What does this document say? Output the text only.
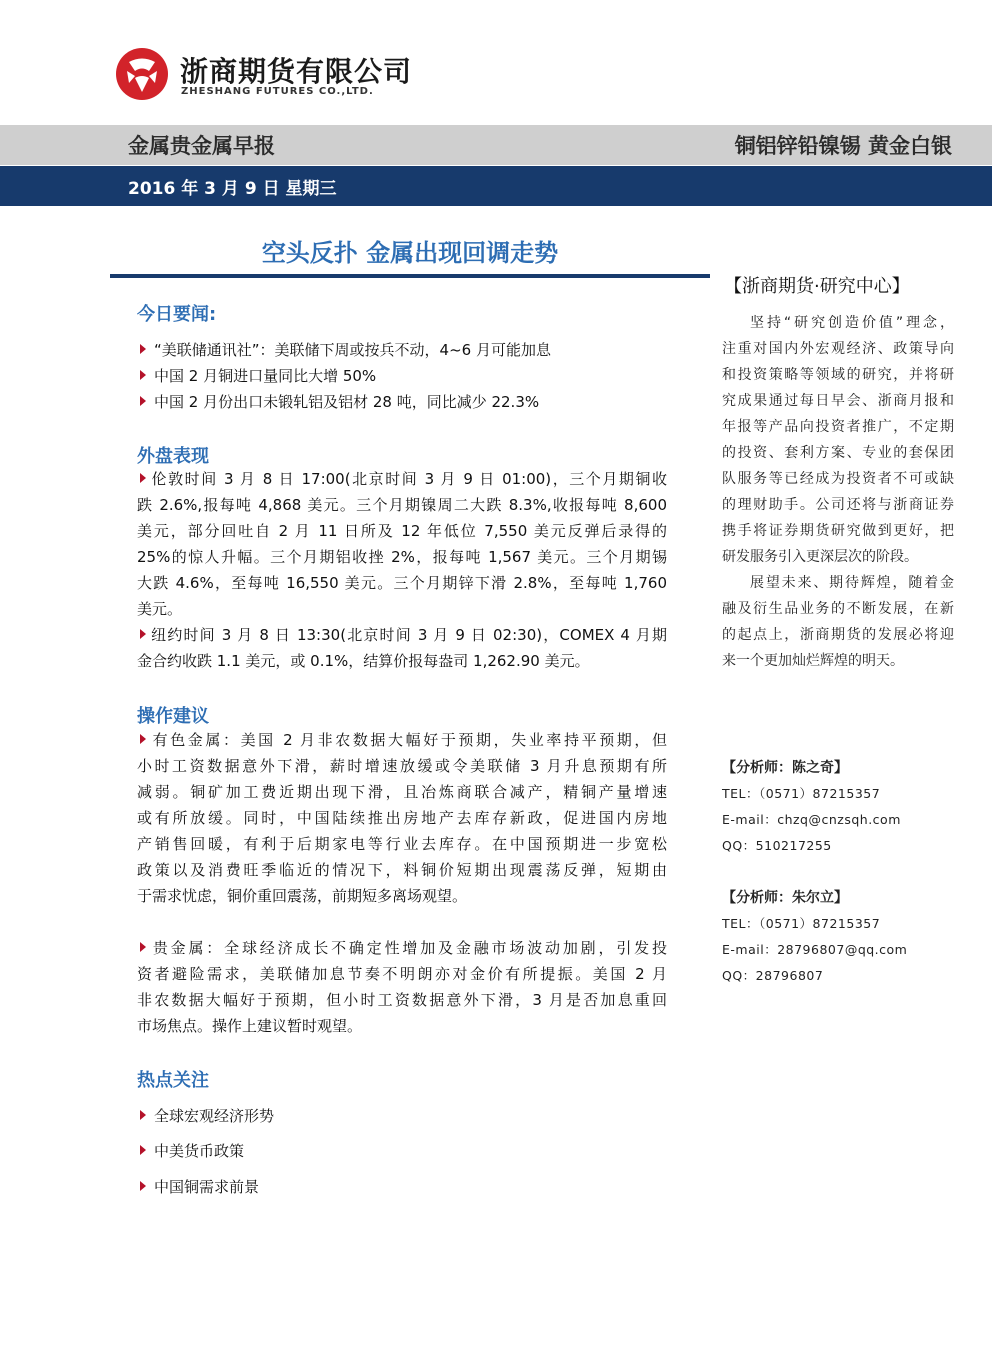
浙商期货有限公司
ZHESHANG FUTURES CO.,LTD.
金属贵金属早报	铜铝锌铅镍锡 黄金白银
2016 年 3 月 9 日 星期三
空头反扑 金属出现回调走势
今日要闻:
“美联储通讯社”：美联储下周或按兵不动，4~6 月可能加息
中国 2 月铜进口量同比大增 50%
中国 2 月份出口未锻轧铝及铝材 28 吨，同比减少 22.3%
外盘表现
伦敦时间 3 月 8 日 17:00(北京时间 3 月 9 日 01:00)，三个月期铜收
跌 2.6%,报每吨 4,868 美元。三个月期镍周二大跌 8.3%,收报每吨 8,600
美元，部分回吐自 2 月 11 日所及 12 年低位 7,550 美元反弹后录得的
25%的惊人升幅。三个月期铝收挫 2%，报每吨 1,567 美元。三个月期锡
大跌 4.6%，至每吨 16,550 美元。三个月期锌下滑 2.8%，至每吨 1,760
美元。
纽约时间 3 月 8 日 13:30(北京时间 3 月 9 日 02:30)，COMEX 4 月期
金合约收跌 1.1 美元，或 0.1%，结算价报每盎司 1,262.90 美元。
操作建议
有色金属：美国 2 月非农数据大幅好于预期，失业率持平预期，但
小时工资数据意外下滑，薪时增速放缓或令美联储 3 月升息预期有所
减弱。铜矿加工费近期出现下滑，且冶炼商联合减产，精铜产量增速
或有所放缓。同时，中国陆续推出房地产去库存新政，促进国内房地
产销售回暖，有利于后期家电等行业去库存。在中国预期进一步宽松
政策以及消费旺季临近的情况下，料铜价短期出现震荡反弹，短期由
于需求忧虑，铜价重回震荡，前期短多离场观望。
贵金属：全球经济成长不确定性增加及金融市场波动加剧，引发投
资者避险需求，美联储加息节奏不明朗亦对金价有所提振。美国 2 月
非农数据大幅好于预期，但小时工资数据意外下滑，3 月是否加息重回
市场焦点。操作上建议暂时观望。
热点关注
全球宏观经济形势
中美货币政策
中国铜需求前景
【浙商期货·研究中心】
坚持“研究创造价值”理念，
注重对国内外宏观经济、政策导向
和投资策略等领域的研究，并将研
究成果通过每日早会、浙商月报和
年报等产品向投资者推广，不定期
的投资、套利方案、专业的套保团
队服务等已经成为投资者不可或缺
的理财助手。公司还将与浙商证券
携手将证券期货研究做到更好，把
研发服务引入更深层次的阶段。
展望未来、期待辉煌，随着金
融及衍生品业务的不断发展，在新
的起点上，浙商期货的发展必将迎
来一个更加灿烂辉煌的明天。
【分析师：陈之奇】
TEL：（0571）87215357
E-mail：chzq@cnzsqh.com
QQ：510217255
【分析师：朱尔立】
TEL：（0571）87215357
E-mail：28796807@qq.com
QQ：28796807
